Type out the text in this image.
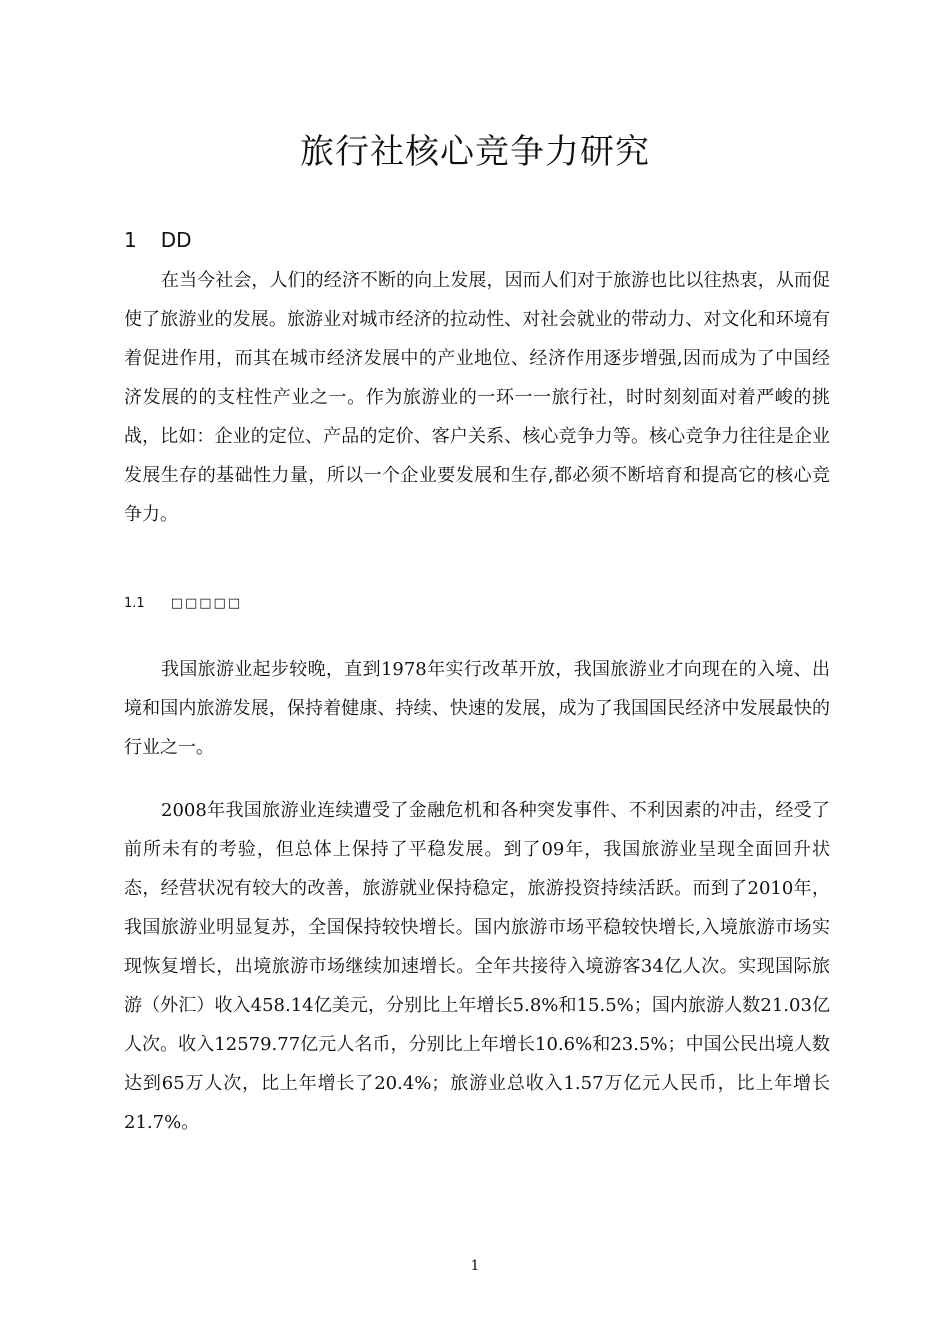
旅行社核心竞争力研究
1 DD

在当今社会，人们的经济不断的向上发展，因而人们对于旅游也比以往热衷，从而促使了旅游业的发展。旅游业对城市经济的拉动性、对社会就业的带动力、对文化和环境有着促进作用，而其在城市经济发展中的产业地位、经济作用逐步增强,因而成为了中国经济发展的的支柱性产业之一。作为旅游业的一环一一旅行社，时时刻刻面对着严峻的挑战，比如：企业的定位、产品的定价、客户关系、核心竞争力等。核心竞争力往往是企业发展生存的基础性力量，所以一个企业要发展和生存,都必须不断培育和提高它的核心竞争力。

1.1 □□□□□

我国旅游业起步较晚，直到1978年实行改革开放，我国旅游业才向现在的入境、出境和国内旅游发展，保持着健康、持续、快速的发展，成为了我国国民经济中发展最快的行业之一。

2008年我国旅游业连续遭受了金融危机和各种突发事件、不利因素的冲击，经受了前所未有的考验，但总体上保持了平稳发展。到了09年，我国旅游业呈现全面回升状态，经营状况有较大的改善，旅游就业保持稳定，旅游投资持续活跃。而到了2010年，我国旅游业明显复苏，全国保持较快增长。国内旅游市场平稳较快增长,入境旅游市场实现恢复增长，出境旅游市场继续加速增长。全年共接待入境游客34亿人次。实现国际旅游（外汇）收入458.14亿美元，分别比上年增长5.8%和15.5%；国内旅游人数21.03亿人次。收入12579.77亿元人名币，分别比上年增长10.6%和23.5%；中国公民出境人数达到65万人次，比上年增长了20.4%；旅游业总收入1.57万亿元人民币，比上年增长21.7%。

1
